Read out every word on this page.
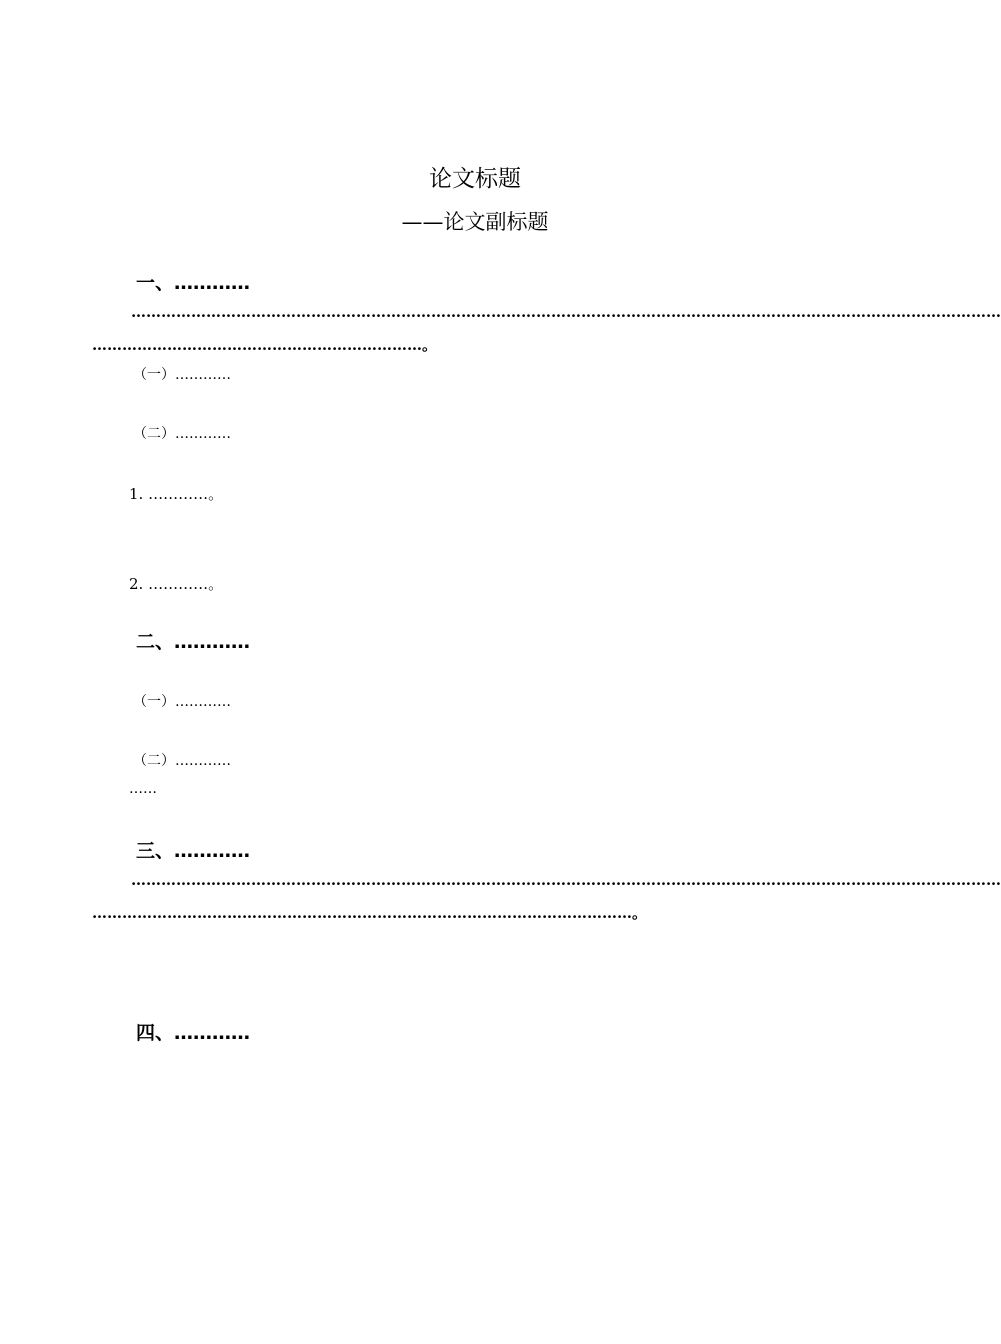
论文标题
——论文副标题
一、…………
…………………………………………………………………………………………………………………………………………………………
…………………………………………………………。
（一）…………
（二）…………
1. …………。
2. …………。
二、…………
（一）…………
（二）…………
……
三、…………
…………………………………………………………………………………………………………………………………………………………
………………………………………………………………………………………………。
四、…………
